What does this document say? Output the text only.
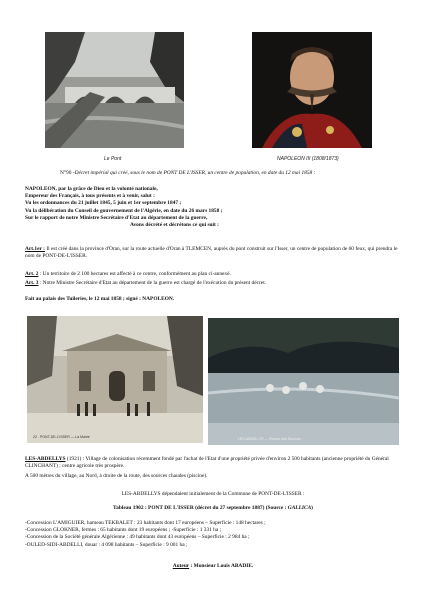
Le Pont	NAPOLEON III (1808/1873)
N°90 -Décret impérial qui créé, sous le nom de PONT DE L'ISSER, un centre de population, en date du 12 mai 1858 :

NAPOLEON, par la grâce de Dieu et la volonté nationale,

Empereur des Français, à tous présents et à venir, salut :

Vu les ordonnances du 21 juillet 1845, 5 juin et 1er septembre 1847 ;

Vu la délibération du Conseil de gouvernement de l'Algérie, en date du 26 mars 1858 ;

Sur le rapport de notre Ministre Secrétaire d'Etat au département de la guerre,

Avons décrété et décrétons ce qui suit :

Art.1er : Il est créé dans la province d'Oran, sur la route actuelle d'Oran à TLEMCEN, auprès du pont construit sur l'Isser, un centre de population de 60 feux, qui prendra le nom de PONT-DE-L'ISSER.
Art. 2 : Un territoire de 2 100 hectares est affecté à ce centre, conformément au plan ci-annexé.
Art. 3 : Notre Ministre Secrétaire d'Etat au département de la guerre est chargé de l'exécution du présent décret.
Fait au palais des Tuileries, le 12 mai 1858 ; signé : NAPOLEON.
22 - PONT-DE-L'ISSER — La Mairie	LES-ABDELLYS — Piscine des Sources
LES-ABDELLYS (1921) : Village de colonisation récemment fondé par l'achat de l'Etat d'une propriété privée d'environ 2 500 habitants (ancienne propriété du Général CLINCHANT) ; centre agricole très prospère.
A 500 mètres du village, au Nord, à droite de la route, des sources chaudes (piscine).
LES-ABDELLYS dépendaient initialement de la Commune de PONT-DE-L'ISSER :
Tableau 1902 : PONT DE L'ISSER (décret du 27 septembre 1887) (Source : GALLICA)

-Concession L'AMIGUIER, hameau TEKBALET : 23 habitants dont 17 européens – Superficie : 148 hectares ;

-Concession GLOKNER, fermes : 65 habitants dont 19 européens ; -Superficie : 1 331 ha ;

-Concession de la Société générale Algérienne : 49 habitants dont 43 européens – Superficie : 2 984 ha ;

-OULED-SIDI-ABDELLI, douar : 4 098 habitants – Superficie : 9 001 ha ;

Auteur : Monsieur Louis ABADIE.
